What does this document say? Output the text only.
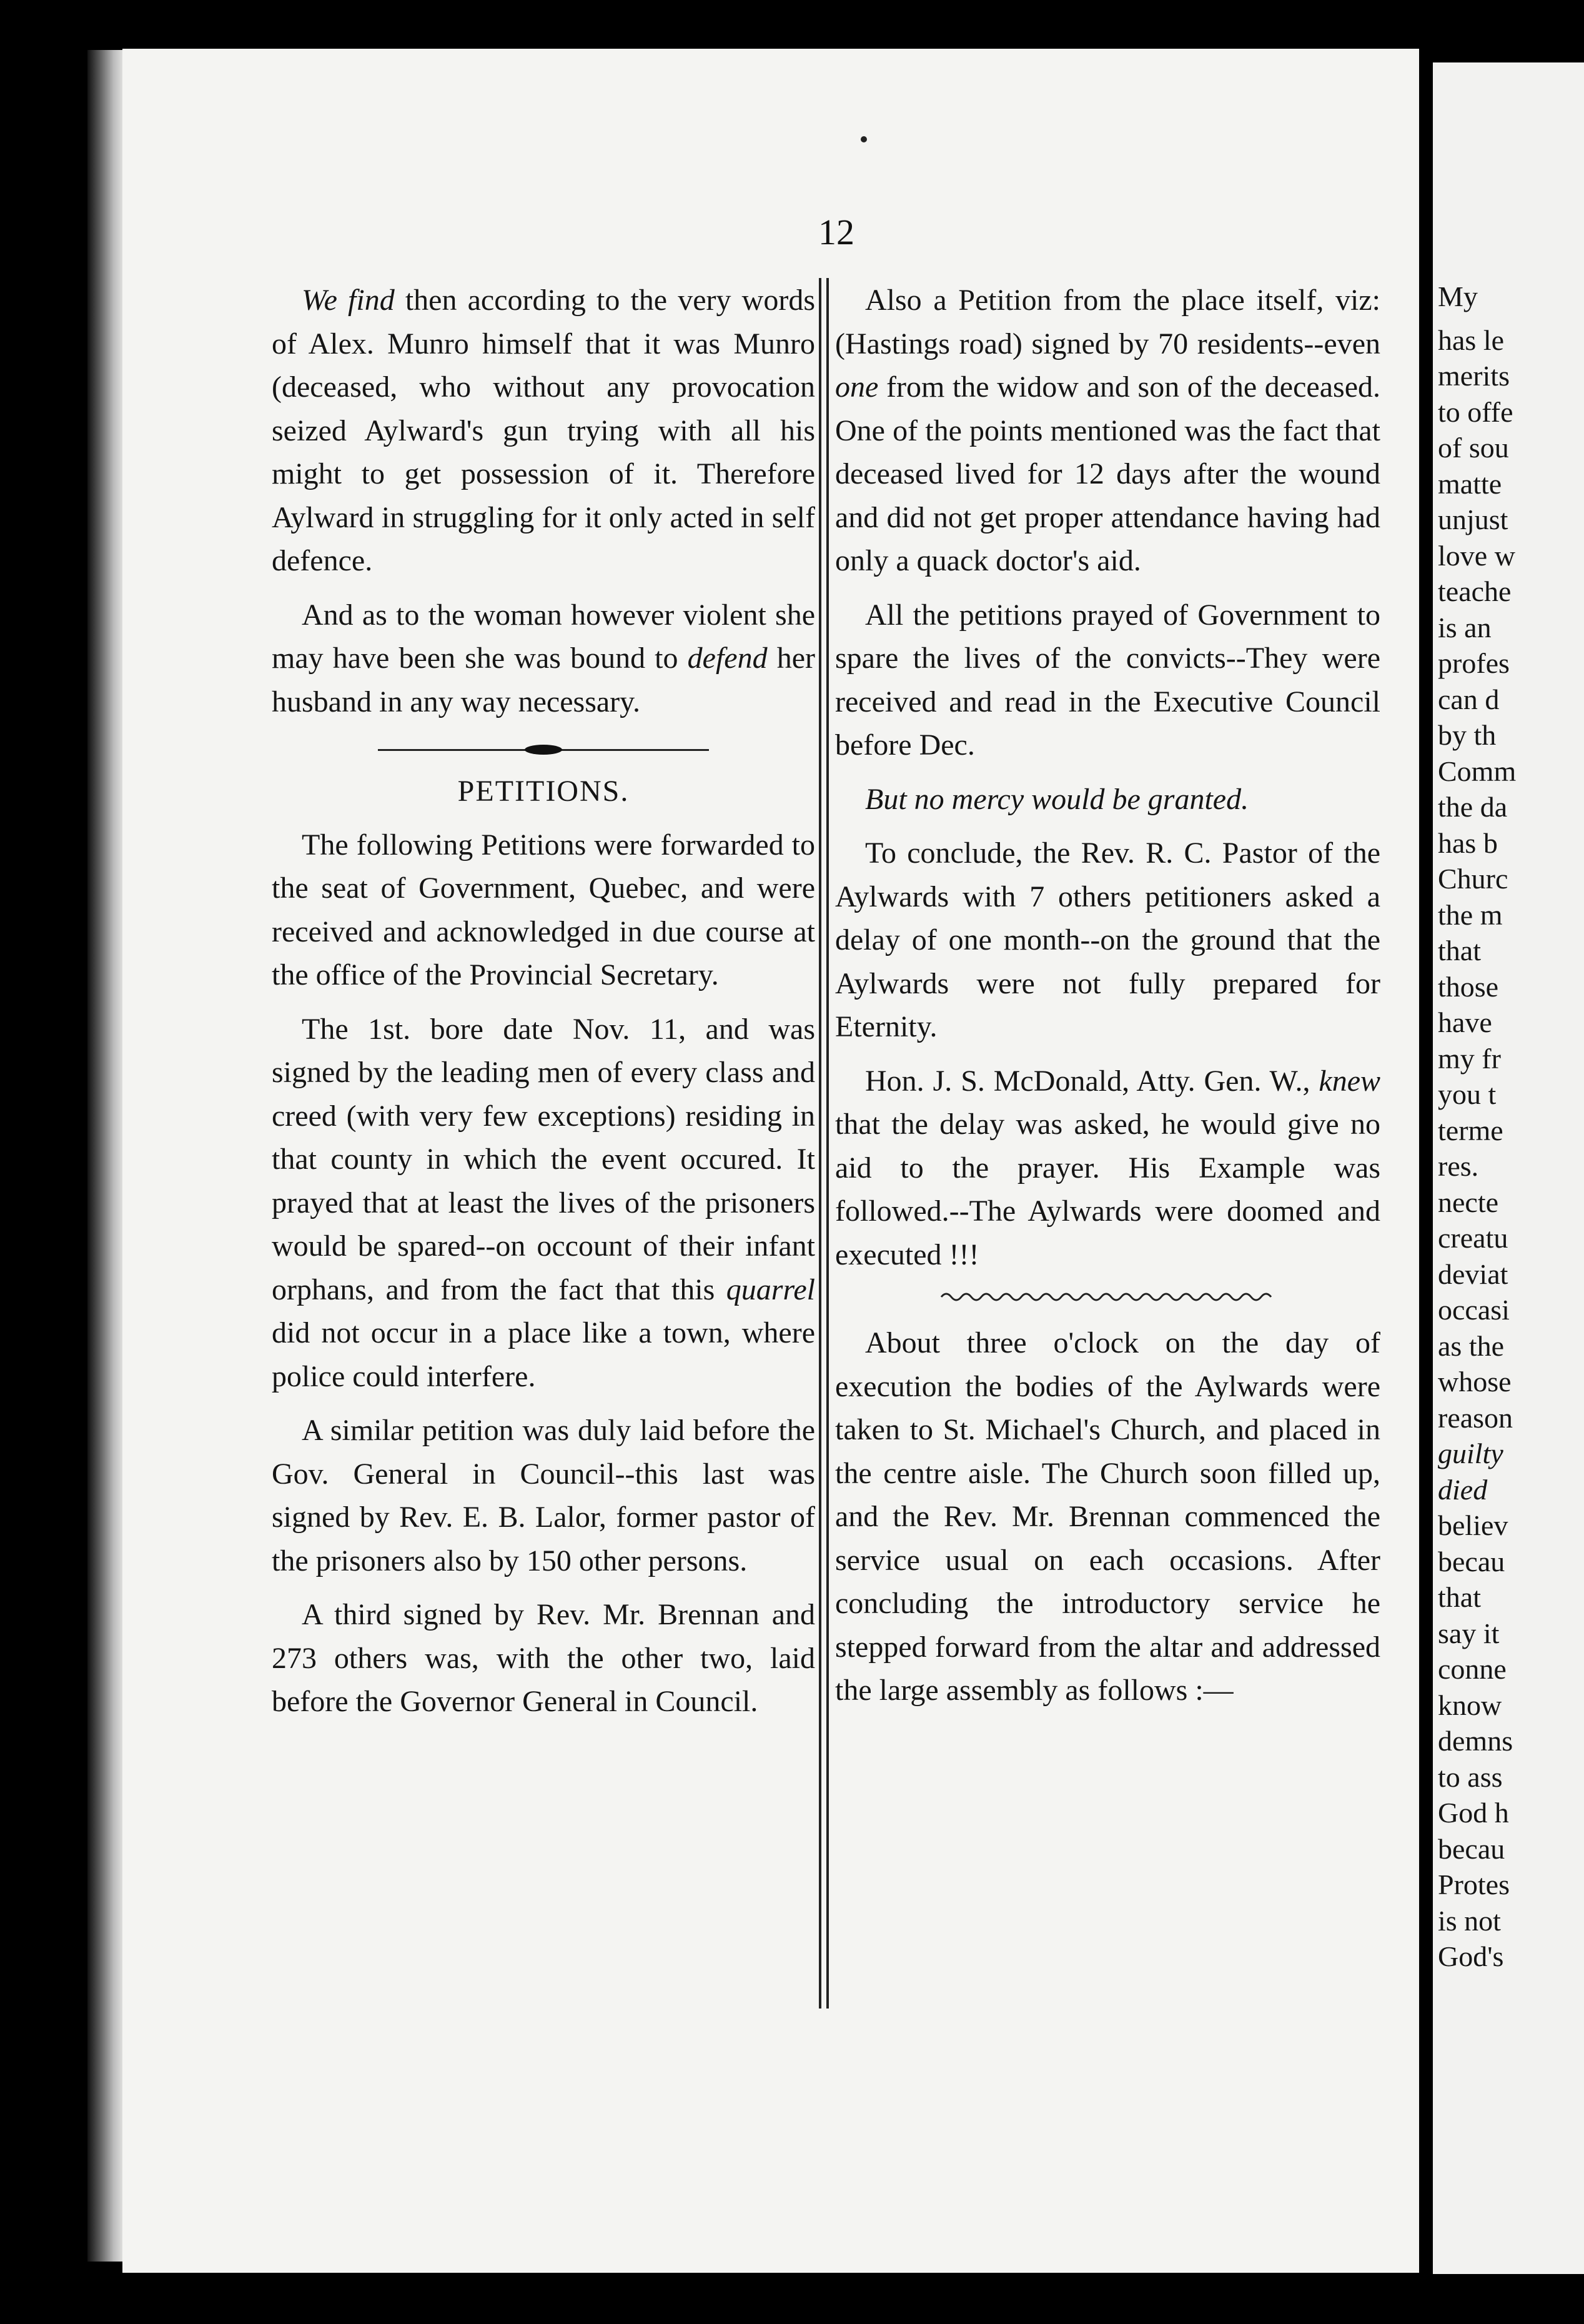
12

We find then according to the very words of Alex. Munro himself that it was Munro (deceased, who without any provocation seized Aylward's gun trying with all his might to get possession of it. Therefore Aylward in struggling for it only acted in self defence.

And as to the woman however violent she may have been she was bound to defend her husband in any way necessary.

PETITIONS.

The following Petitions were forwarded to the seat of Government, Quebec, and were received and acknowledged in due course at the office of the Provincial Secretary.

The 1st. bore date Nov. 11, and was signed by the leading men of every class and creed (with very few exceptions) residing in that county in which the event occured. It prayed that at least the lives of the prisoners would be spared--on occount of their infant orphans, and from the fact that this quarrel did not occur in a place like a town, where police could interfere.

A similar petition was duly laid before the Gov. General in Council--this last was signed by Rev. E. B. Lalor, former pastor of the prisoners also by 150 other persons.

A third signed by Rev. Mr. Brennan and 273 others was, with the other two, laid before the Governor General in Council.

Also a Petition from the place itself, viz: (Hastings road) signed by 70 residents--even one from the widow and son of the deceased. One of the points mentioned was the fact that deceased lived for 12 days after the wound and did not get proper attendance having had only a quack doctor's aid.

All the petitions prayed of Government to spare the lives of the convicts--They were received and read in the Executive Council before Dec.

But no mercy would be granted.

To conclude, the Rev. R. C. Pastor of the Aylwards with 7 others petitioners asked a delay of one month--on the ground that the Aylwards were not fully prepared for Eternity.

Hon. J. S. McDonald, Atty. Gen. W., knew that the delay was asked, he would give no aid to the prayer. His Example was followed.--The Aylwards were doomed and executed !!!

About three o'clock on the day of execution the bodies of the Aylwards were taken to St. Michael's Church, and placed in the centre aisle. The Church soon filled up, and the Rev. Mr. Brennan commenced the service usual on each occasions. After concluding the introductory service he stepped forward from the altar and addressed the large assembly as follows :—

My
has le
merits
to offe
of sou
matte
unjust
love w
teache
is an
profes
can d
by th
Comm
the da
has b
Churc
the m
that
those
have
my fr
you t
terme
res.
necte
creatu
deviat
occasi
as the
whose
reason
guilty
died
believ
becau
that
say it
conne
know
demns
to ass
God h
becau
Protes
is not
God's
